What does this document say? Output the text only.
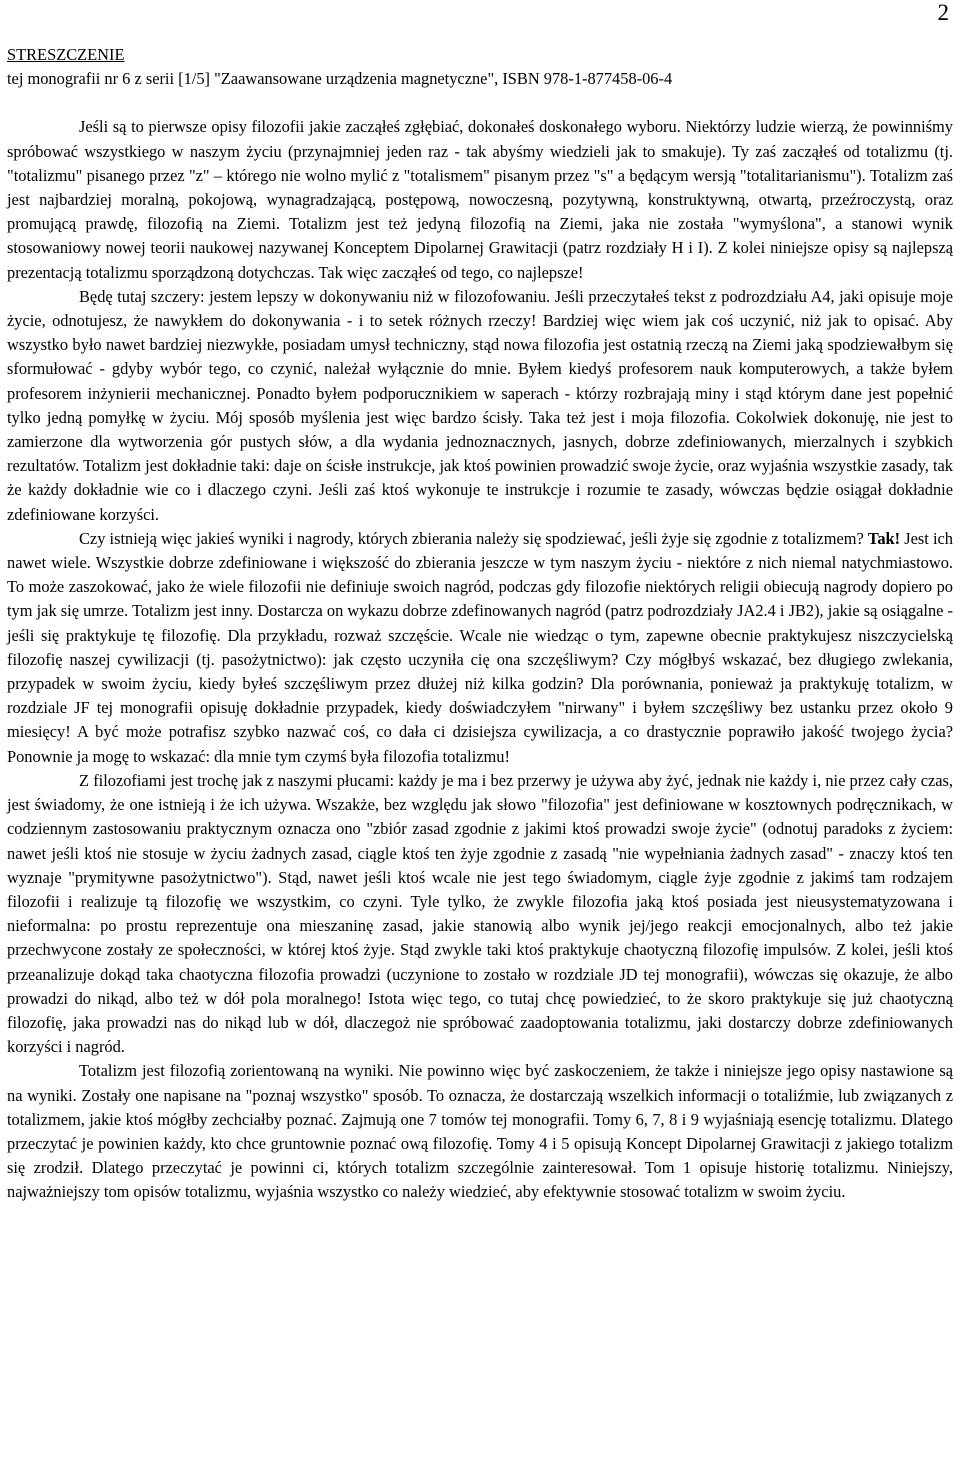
2
STRESZCZENIE
tej monografii nr 6 z serii [1/5] "Zaawansowane urządzenia magnetyczne", ISBN 978-1-877458-06-4

Jeśli są to pierwsze opisy filozofii jakie zacząłeś zgłębiać, dokonałeś doskonałego wyboru. Niektórzy ludzie wierzą, że powinniśmy spróbować wszystkiego w naszym życiu (przynajmniej jeden raz - tak abyśmy wiedzieli jak to smakuje). Ty zaś zacząłeś od totalizmu (tj. "totalizmu" pisanego przez "z" – którego nie wolno mylić z "totalismem" pisanym przez "s" a będącym wersją "totalitarianismu"). Totalizm zaś jest najbardziej moralną, pokojową, wynagradzającą, postępową, nowoczesną, pozytywną, konstruktywną, otwartą, przeźroczystą, oraz promującą prawdę, filozofią na Ziemi. Totalizm jest też jedyną filozofią na Ziemi, jaka nie została "wymyślona", a stanowi wynik stosowaniowy nowej teorii naukowej nazywanej Konceptem Dipolarnej Grawitacji (patrz rozdziały H i I). Z kolei niniejsze opisy są najlepszą prezentacją totalizmu sporządzoną dotychczas. Tak więc zacząłeś od tego, co najlepsze!

Będę tutaj szczery: jestem lepszy w dokonywaniu niż w filozofowaniu. Jeśli przeczytałeś tekst z podrozdziału A4, jaki opisuje moje życie, odnotujesz, że nawykłem do dokonywania - i to setek różnych rzeczy! Bardziej więc wiem jak coś uczynić, niż jak to opisać. Aby wszystko było nawet bardziej niezwykłe, posiadam umysł techniczny, stąd nowa filozofia jest ostatnią rzeczą na Ziemi jaką spodziewałbym się sformułować - gdyby wybór tego, co czynić, należał wyłącznie do mnie. Byłem kiedyś profesorem nauk komputerowych, a także byłem profesorem inżynierii mechanicznej. Ponadto byłem podporucznikiem w saperach - którzy rozbrajają miny i stąd którym dane jest popełnić tylko jedną pomyłkę w życiu. Mój sposób myślenia jest więc bardzo ścisły. Taka też jest i moja filozofia. Cokolwiek dokonuję, nie jest to zamierzone dla wytworzenia gór pustych słów, a dla wydania jednoznacznych, jasnych, dobrze zdefiniowanych, mierzalnych i szybkich rezultatów. Totalizm jest dokładnie taki: daje on ścisłe instrukcje, jak ktoś powinien prowadzić swoje życie, oraz wyjaśnia wszystkie zasady, tak że każdy dokładnie wie co i dlaczego czyni. Jeśli zaś ktoś wykonuje te instrukcje i rozumie te zasady, wówczas będzie osiągał dokładnie zdefiniowane korzyści.

Czy istnieją więc jakieś wyniki i nagrody, których zbierania należy się spodziewać, jeśli żyje się zgodnie z totalizmem? Tak! Jest ich nawet wiele. Wszystkie dobrze zdefiniowane i większość do zbierania jeszcze w tym naszym życiu - niektóre z nich niemal natychmiastowo. To może zaszokować, jako że wiele filozofii nie definiuje swoich nagród, podczas gdy filozofie niektórych religii obiecują nagrody dopiero po tym jak się umrze. Totalizm jest inny. Dostarcza on wykazu dobrze zdefinowanych nagród (patrz podrozdziały JA2.4 i JB2), jakie są osiągalne - jeśli się praktykuje tę filozofię. Dla przykładu, rozważ szczęście. Wcale nie wiedząc o tym, zapewne obecnie praktykujesz niszczycielską filozofię naszej cywilizacji (tj. pasożytnictwo): jak często uczyniła cię ona szczęśliwym? Czy mógłbyś wskazać, bez długiego zwlekania, przypadek w swoim życiu, kiedy byłeś szczęśliwym przez dłużej niż kilka godzin? Dla porównania, ponieważ ja praktykuję totalizm, w rozdziale JF tej monografii opisuję dokładnie przypadek, kiedy doświadczyłem "nirwany" i byłem szczęśliwy bez ustanku przez około 9 miesięcy! A być może potrafisz szybko nazwać coś, co dała ci dzisiejsza cywilizacja, a co drastycznie poprawiło jakość twojego życia? Ponownie ja mogę to wskazać: dla mnie tym czymś była filozofia totalizmu!

Z filozofiami jest trochę jak z naszymi płucami: każdy je ma i bez przerwy je używa aby żyć, jednak nie każdy i, nie przez cały czas, jest świadomy, że one istnieją i że ich używa. Wszakże, bez względu jak słowo "filozofia" jest definiowane w kosztownych podręcznikach, w codziennym zastosowaniu praktycznym oznacza ono "zbiór zasad zgodnie z jakimi ktoś prowadzi swoje życie" (odnotuj paradoks z życiem: nawet jeśli ktoś nie stosuje w życiu żadnych zasad, ciągle ktoś ten żyje zgodnie z zasadą "nie wypełniania żadnych zasad" - znaczy ktoś ten wyznaje "prymitywne pasożytnictwo"). Stąd, nawet jeśli ktoś wcale nie jest tego świadomym, ciągle żyje zgodnie z jakimś tam rodzajem filozofii i realizuje tą filozofię we wszystkim, co czyni. Tyle tylko, że zwykle filozofia jaką ktoś posiada jest nieusystematyzowana i nieformalna: po prostu reprezentuje ona mieszaninę zasad, jakie stanowią albo wynik jej/jego reakcji emocjonalnych, albo też jakie przechwycone zostały ze społeczności, w której ktoś żyje. Stąd zwykle taki ktoś praktykuje chaotyczną filozofię impulsów. Z kolei, jeśli ktoś przeanalizuje dokąd taka chaotyczna filozofia prowadzi (uczynione to zostało w rozdziale JD tej monografii), wówczas się okazuje, że albo prowadzi do nikąd, albo też w dół pola moralnego! Istota więc tego, co tutaj chcę powiedzieć, to że skoro praktykuje się już chaotyczną filozofię, jaka prowadzi nas do nikąd lub w dół, dlaczegoż nie spróbować zaadoptowania totalizmu, jaki dostarczy dobrze zdefiniowanych korzyści i nagród.

Totalizm jest filozofią zorientowaną na wyniki. Nie powinno więc być zaskoczeniem, że także i niniejsze jego opisy nastawione są na wyniki. Zostały one napisane na "poznaj wszystko" sposób. To oznacza, że dostarczają wszelkich informacji o totaliźmie, lub związanych z totalizmem, jakie ktoś mógłby zechciałby poznać. Zajmują one 7 tomów tej monografii. Tomy 6, 7, 8 i 9 wyjaśniają esencję totalizmu. Dlatego przeczytać je powinien każdy, kto chce gruntownie poznać ową filozofię. Tomy 4 i 5 opisują Koncept Dipolarnej Grawitacji z jakiego totalizm się zrodził. Dlatego przeczytać je powinni ci, których totalizm szczególnie zainteresował. Tom 1 opisuje historię totalizmu. Niniejszy, najważniejszy tom opisów totalizmu, wyjaśnia wszystko co należy wiedzieć, aby efektywnie stosować totalizm w swoim życiu.
